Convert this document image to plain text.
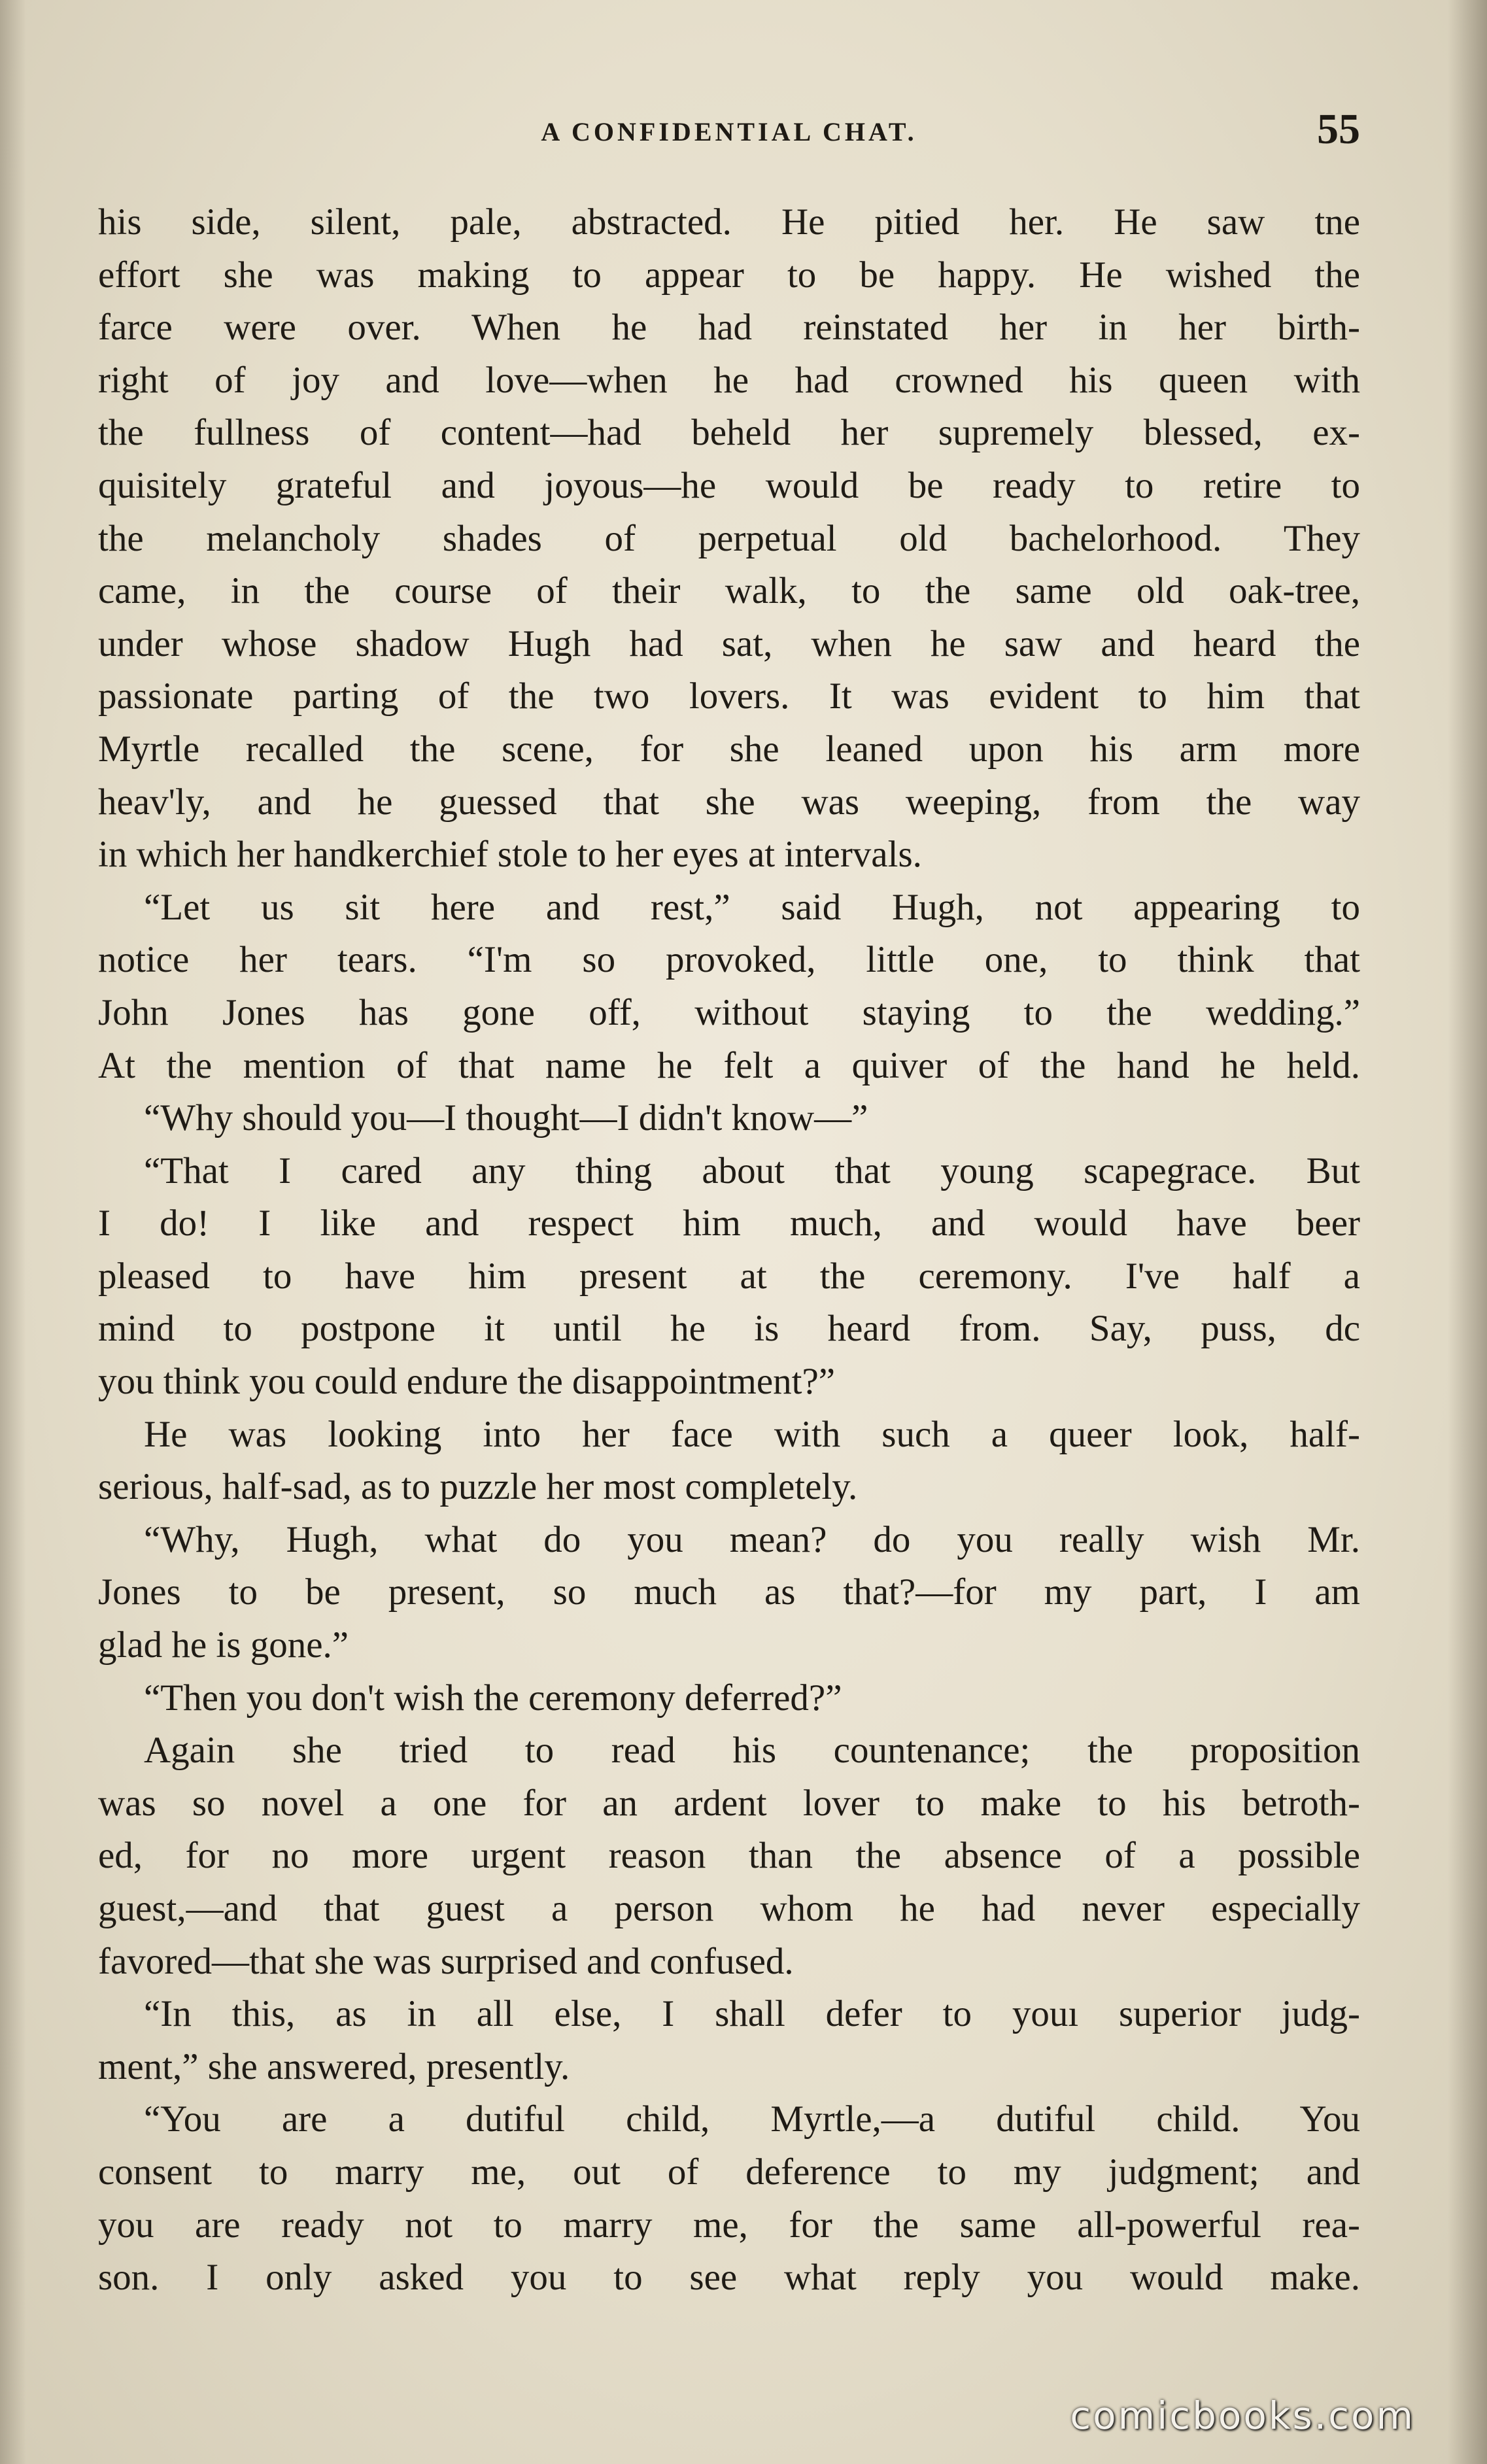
A CONFIDENTIAL CHAT.	55
his side, silent, pale, abstracted. He pitied her. He saw tne
effort she was making to appear to be happy. He wished the
farce were over. When he had reinstated her in her birth-
right of joy and love—when he had crowned his queen with
the fullness of content—had beheld her supremely blessed, ex-
quisitely grateful and joyous—he would be ready to retire to
the melancholy shades of perpetual old bachelorhood. They
came, in the course of their walk, to the same old oak-tree,
under whose shadow Hugh had sat, when he saw and heard the
passionate parting of the two lovers. It was evident to him that
Myrtle recalled the scene, for she leaned upon his arm more
heav'ly, and he guessed that she was weeping, from the way
in which her handkerchief stole to her eyes at intervals.
“Let us sit here and rest,” said Hugh, not appearing to
notice her tears. “I'm so provoked, little one, to think that
John Jones has gone off, without staying to the wedding.”
At the mention of that name he felt a quiver of the hand he held.
“Why should you—I thought—I didn't know—”
“That I cared any thing about that young scapegrace. But
I do! I like and respect him much, and would have beer
pleased to have him present at the ceremony. I've half a
mind to postpone it until he is heard from. Say, puss, dc
you think you could endure the disappointment?”
He was looking into her face with such a queer look, half-
serious, half-sad, as to puzzle her most completely.
“Why, Hugh, what do you mean? do you really wish Mr.
Jones to be present, so much as that?—for my part, I am
glad he is gone.”
“Then you don't wish the ceremony deferred?”
Again she tried to read his countenance; the proposition
was so novel a one for an ardent lover to make to his betroth-
ed, for no more urgent reason than the absence of a possible
guest,—and that guest a person whom he had never especially
favored—that she was surprised and confused.
“In this, as in all else, I shall defer to youı superior judg-
ment,” she answered, presently.
“You are a dutiful child, Myrtle,—a dutiful child. You
consent to marry me, out of deference to my judgment; and
you are ready not to marry me, for the same all-powerful rea-
son. I only asked you to see what reply you would make.
comicbooks.com
